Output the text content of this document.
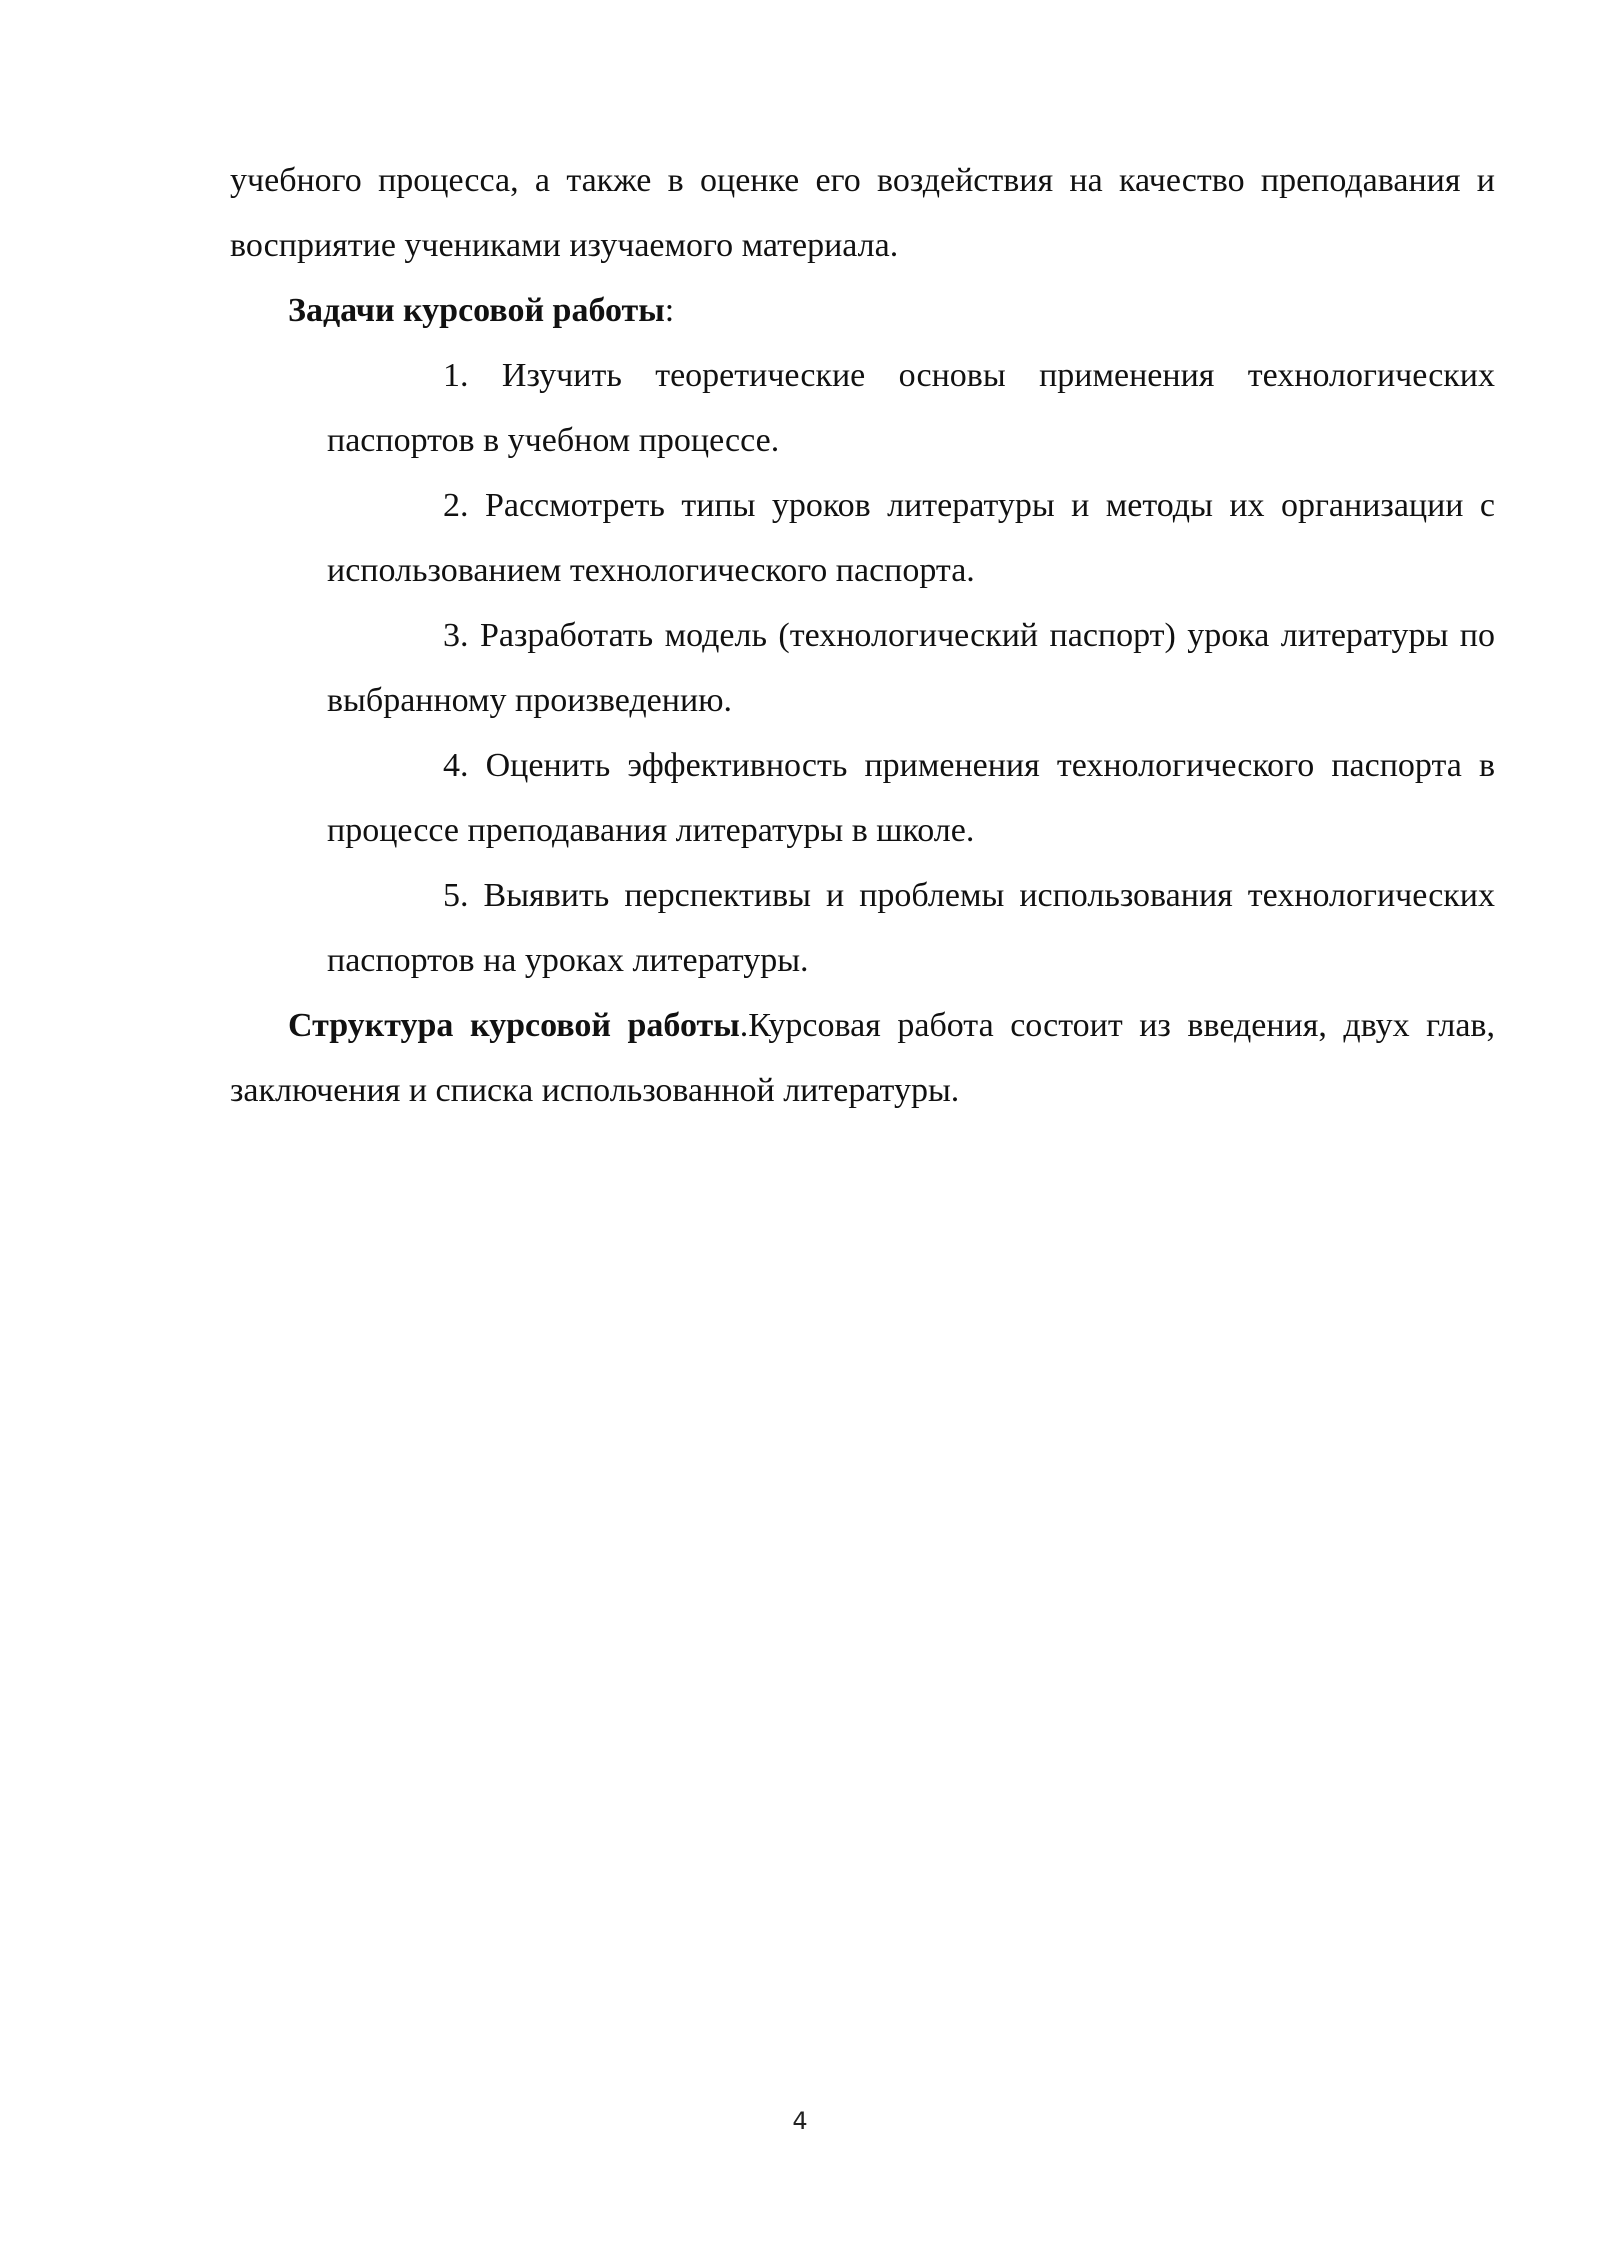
учебного процесса, а также в оценке его воздействия на качество преподавания и восприятие учениками изучаемого материала.

Задачи курсовой работы:

1. Изучить теоретические основы применения технологических паспортов в учебном процессе.
2. Рассмотреть типы уроков литературы и методы их организации с использованием технологического паспорта.
3. Разработать модель (технологический паспорт) урока литературы по выбранному произведению.
4. Оценить эффективность применения технологического паспорта в процессе преподавания литературы в школе.
5. Выявить перспективы и проблемы использования технологических паспортов на уроках литературы.

Структура курсовой работы.Курсовая работа состоит из введения, двух глав, заключения и списка использованной литературы.

4
